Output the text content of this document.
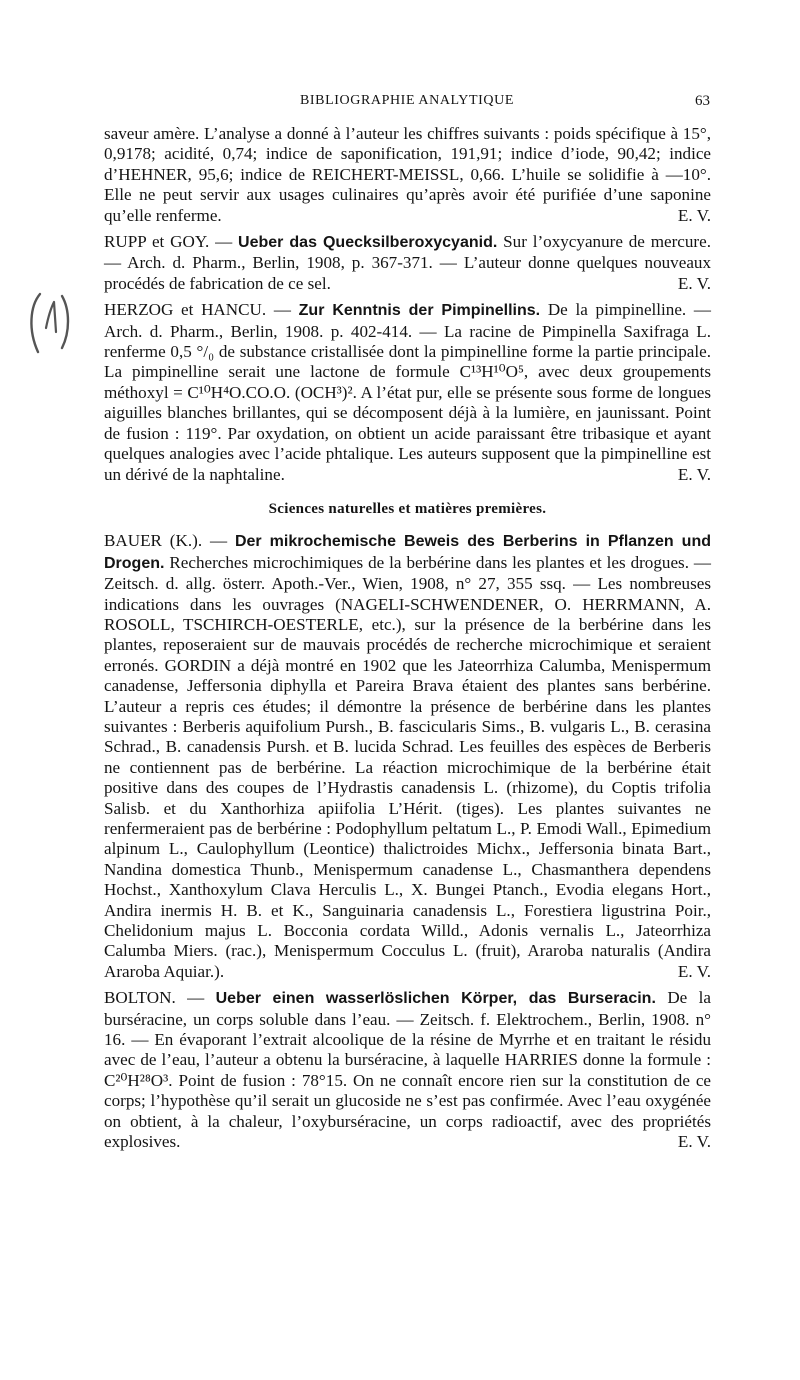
BIBLIOGRAPHIE ANALYTIQUE	63

saveur amère. L’analyse a donné à l’auteur les chiffres suivants : poids spécifique à 15°, 0,9178; acidité, 0,74; indice de saponification, 191,91; indice d’iode, 90,42; indice d’HEHNER, 95,6; indice de REICHERT-MEISSL, 0,66. L’huile se solidifie à —10°. Elle ne peut servir aux usages culinaires qu’après avoir été purifiée d’une saponine qu’elle renferme.	E. V.

RUPP et GOY. — Ueber das Quecksilberoxycyanid. Sur l’oxycyanure de mercure. — Arch. d. Pharm., Berlin, 1908, p. 367-371. — L’auteur donne quelques nouveaux procédés de fabrication de ce sel.	E. V.

HERZOG et HANCU. — Zur Kenntnis der Pimpinellins. De la pimpinelline. — Arch. d. Pharm., Berlin, 1908. p. 402-414. — La racine de Pimpinella Saxifraga L. renferme 0,5 °/₀ de substance cristallisée dont la pimpinelline forme la partie principale. La pimpinelline serait une lactone de formule C¹³H¹⁰O⁵, avec deux groupements méthoxyl = C¹⁰H⁴O.CO.O. (OCH³)². A l’état pur, elle se présente sous forme de longues aiguilles blanches brillantes, qui se décomposent déjà à la lumière, en jaunissant. Point de fusion : 119°. Par oxydation, on obtient un acide paraissant être tribasique et ayant quelques analogies avec l’acide phtalique. Les auteurs supposent que la pimpinelline est un dérivé de la naphtaline.	E. V.

Sciences naturelles et matières premières.

BAUER (K.). — Der mikrochemische Beweis des Berberins in Pflanzen und Drogen. Recherches microchimiques de la berbérine dans les plantes et les drogues. — Zeitsch. d. allg. österr. Apoth.-Ver., Wien, 1908, n° 27, 355 ssq. — Les nombreuses indications dans les ouvrages (NAGELI-SCHWENDENER, O. HERRMANN, A. ROSOLL, TSCHIRCH-OESTERLE, etc.), sur la présence de la berbérine dans les plantes, reposeraient sur de mauvais procédés de recherche microchimique et seraient erronés. GORDIN a déjà montré en 1902 que les Jateorrhiza Calumba, Menispermum canadense, Jeffersonia diphylla et Pareira Brava étaient des plantes sans berbérine. L’auteur a repris ces études; il démontre la présence de berbérine dans les plantes suivantes : Berberis aquifolium Pursh., B. fascicularis Sims., B. vulgaris L., B. cerasina Schrad., B. canadensis Pursh. et B. lucida Schrad. Les feuilles des espèces de Berberis ne contiennent pas de berbérine. La réaction microchimique de la berbérine était positive dans des coupes de l’Hydrastis canadensis L. (rhizome), du Coptis trifolia Salisb. et du Xanthorhiza apiifolia L’Hérit. (tiges). Les plantes suivantes ne renfermeraient pas de berbérine : Podophyllum peltatum L., P. Emodi Wall., Epimedium alpinum L., Caulophyllum (Leontice) thalictroides Michx., Jeffersonia binata Bart., Nandina domestica Thunb., Menispermum canadense L., Chasmanthera dependens Hochst., Xanthoxylum Clava Herculis L., X. Bungei Ptanch., Evodia elegans Hort., Andira inermis H. B. et K., Sanguinaria canadensis L., Forestiera ligustrina Poir., Chelidonium majus L. Bocconia cordata Willd., Adonis vernalis L., Jateorrhiza Calumba Miers. (rac.), Menispermum Cocculus L. (fruit), Araroba naturalis (Andira Araroba Aquiar.).	E. V.

BOLTON. — Ueber einen wasserlöslichen Körper, das Burseracin. De la burséracine, un corps soluble dans l’eau. — Zeitsch. f. Elektrochem., Berlin, 1908. n° 16. — En évaporant l’extrait alcoolique de la résine de Myrrhe et en traitant le résidu avec de l’eau, l’auteur a obtenu la burséracine, à laquelle HARRIES donne la formule : C²⁰H²⁸O³. Point de fusion : 78°15. On ne connaît encore rien sur la constitution de ce corps; l’hypothèse qu’il serait un glucoside ne s’est pas confirmée. Avec l’eau oxygénée on obtient, à la chaleur, l’oxyburséracine, un corps radioactif, avec des propriétés explosives.	E. V.
